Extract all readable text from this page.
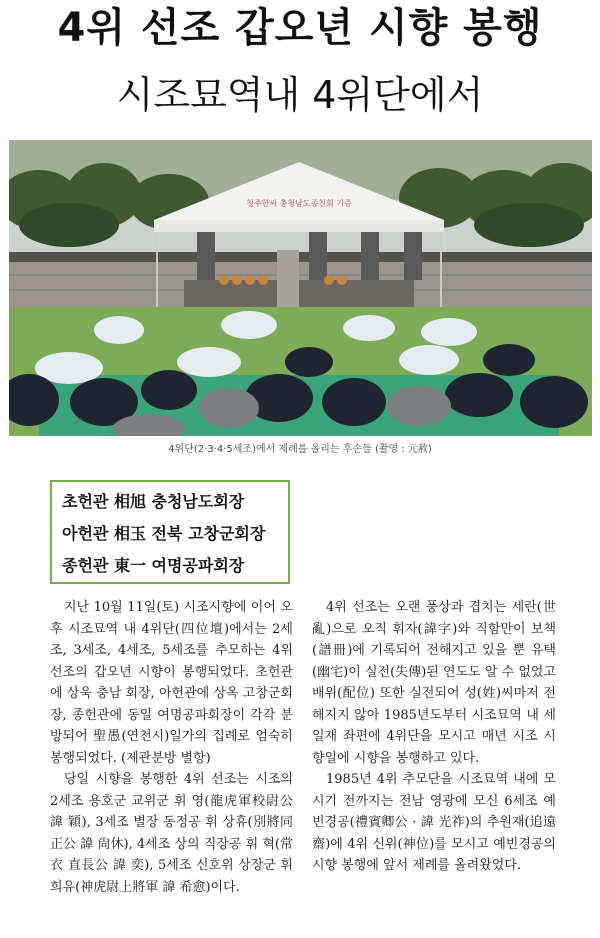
4위 선조 갑오년 시향 봉행
시조묘역내 4위단에서
청주한씨 충청남도종친회 기증
4위단(2·3·4·5세조)에서 제례를 올리는 후손들 (촬영 : 元赦)
초헌관 相旭 충청남도회장
아헌관 相玉 전북 고창군회장
종헌관 東一 여명공파회장

지난 10월 11일(토) 시조시향에 이어 오후 시조묘역 내 4위단(四位壇)에서는 2세조, 3세조, 4세조, 5세조를 추모하는 4위 선조의 갑오년 시향이 봉행되었다. 초헌관에 상욱 충남 회장, 아헌관에 상옥 고창군회장, 종헌관에 동일 여명공파회장이 각각 분방되어 聖愚(연천시)일가의 집례로 엄숙히 봉행되었다. (제관분방 별항)

당일 시향을 봉행한 4위 선조는 시조의 2세조 용호군 교위군 휘 영(龍虎軍校尉公 諱 穎), 3세조 별장 동정공 휘 상휴(別將同正公 諱 尙休), 4세조 상의 직장공 휘 혁(常衣 直長公 諱 奕), 5세조 신호위 상장군 휘 희유(神虎尉上將軍 諱 希愈)이다.

4위 선조는 오랜 풍상과 겹치는 세란(世亂)으로 오직 휘자(諱字)와 직함만이 보책(譜冊)에 기록되어 전해지고 있을 뿐 유택(幽宅)이 실전(失傳)된 연도도 알 수 없었고 배위(配位) 또한 실전되어 성(姓)씨마저 전해지지 않아 1985년도부터 시조묘역 내 세일재 좌편에 4위단을 모시고 매년 시조 시향일에 시향을 봉행하고 있다.

1985년 4위 추모단을 시조묘역 내에 모시기 전까지는 전남 영광에 모신 6세조 예빈경공(禮賓卿公 · 諱 光祚)의 추원재(追遠齋)에 4위 신위(神位)를 모시고 예빈경공의 시향 봉행에 앞서 제례를 올려왔었다.
